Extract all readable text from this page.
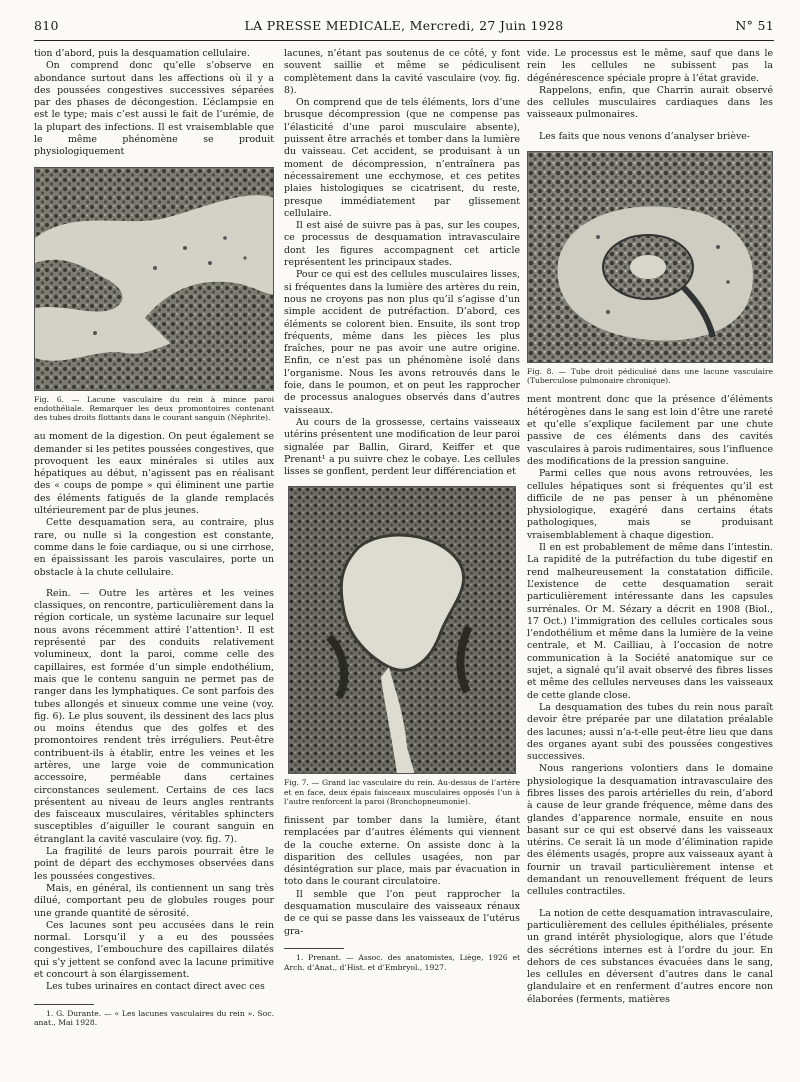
810	LA PRESSE MEDICALE, Mercredi, 27 Juin 1928	N° 51

tion d’abord, puis la desquamation cellulaire.

On comprend donc qu’elle s’observe en abondance surtout dans les affections où il y a des poussées congestives successives séparées par des phases de décongestion. L’éclampsie en est le type; mais c’est aussi le fait de l’urémie, de la plupart des infections. Il est vraisemblable que le même phénomène se produit physiologiquement

Fig. 6. — Lacune vasculaire du rein à mince paroi endothéliale. Remarquer les deux promontoires contenant des tubes droits flottants dans le courant sanguin (Néphrite).

au moment de la digestion. On peut également se demander si les petites poussées congestives, que provoquent les eaux minérales si utiles aux hépatiques au début, n’agissent pas en réalisant des « coups de pompe » qui éliminent une partie des éléments fatigués de la glande remplacés ultérieurement par de plus jeunes.

Cette desquamation sera, au contraire, plus rare, ou nulle si la congestion est constante, comme dans le foie cardiaque, ou si une cirrhose, en épaississant les parois vasculaires, porte un obstacle à la chute cellulaire.

Rein. — Outre les artères et les veines classiques, on rencontre, particulièrement dans la région corticale, un système lacunaire sur lequel nous avons récemment attiré l’attention¹. Il est représenté par des conduits relativement volumineux, dont la paroi, comme celle des capillaires, est formée d’un simple endothélium, mais que le contenu sanguin ne permet pas de ranger dans les lymphatiques. Ce sont parfois des tubes allongés et sinueux comme une veine (voy. fig. 6). Le plus souvent, ils dessinent des lacs plus ou moins étendus que des golfes et des promontoires rendent très irréguliers. Peut-être contribuent-ils à établir, entre les veines et les artères, une large voie de communication accessoire, perméable dans certaines circonstances seulement. Certains de ces lacs présentent au niveau de leurs angles rentrants des faisceaux musculaires, véritables sphincters susceptibles d’aiguiller le courant sanguin en étranglant la cavité vasculaire (voy. fig. 7).

La fragilité de leurs parois pourrait être le point de départ des ecchymoses observées dans les poussées congestives.

Mais, en général, ils contiennent un sang très dilué, comportant peu de globules rouges pour une grande quantité de sérosité.

Ces lacunes sont peu accusées dans le rein normal. Lorsqu’il y a eu des poussées congestives, l’embouchure des capillaires dilatés qui s’y jettent se confond avec la lacune primitive et concourt à son élargissement.

Les tubes urinaires en contact direct avec ces

1. G. Durante. — « Les lacunes vasculaires du rein ». Soc. anat., Mai 1928.

lacunes, n’étant pas soutenus de ce côté, y font souvent saillie et même se pédiculisent complètement dans la cavité vasculaire (voy. fig. 8).

On comprend que de tels éléments, lors d’une brusque décompression (que ne compense pas l’élasticité d’une paroi musculaire absente), puissent être arrachés et tomber dans la lumière du vaisseau. Cet accident, se produisant à un moment de décompression, n’entraînera pas nécessairement une ecchymose, et ces petites plaies histologiques se cicatrisent, du reste, presque immédiatement par glissement cellulaire.

Il est aisé de suivre pas à pas, sur les coupes, ce processus de desquamation intravasculaire dont les figures accompagnent cet article représentent les principaux stades.

Pour ce qui est des cellules musculaires lisses, si fréquentes dans la lumière des artères du rein, nous ne croyons pas non plus qu’il s’agisse d’un simple accident de putréfaction. D’abord, ces éléments se colorent bien. Ensuite, ils sont trop fréquents, même dans les pièces les plus fraîches, pour ne pas avoir une autre origine. Enfin, ce n’est pas un phénomène isolé dans l’organisme. Nous les avons retrouvés dans le foie, dans le poumon, et on peut les rapprocher de processus analogues observés dans d’autres vaisseaux.

Au cours de la grossesse, certains vaisseaux utérins présentent une modification de leur paroi signalée par Ballin, Girard, Keiffer et que Prenant¹ a pu suivre chez le cobaye. Les cellules lisses se gonflent, perdent leur différenciation et

Fig. 7. — Grand lac vasculaire du rein. Au-dessus de l’artère et en face, deux épais faisceaux musculaires opposés l’un à l’autre renforcent la paroi (Bronchopneumonie).

finissent par tomber dans la lumière, étant remplacées par d’autres éléments qui viennent de la couche externe. On assiste donc à la disparition des cellules usagées, non par désintégration sur place, mais par évacuation in toto dans le courant circulatoire.

Il semble que l’on peut rapprocher la desquamation musculaire des vaisseaux rénaux de ce qui se passe dans les vaisseaux de l’utérus gra-

1. Prenant. — Assoc. des anatomistes, Liège, 1926 et Arch. d’Anat., d’Hist. et d’Embryol., 1927.

vide. Le processus est le même, sauf que dans le rein les cellules ne subissent pas la dégénérescence spéciale propre à l’état gravide.

Rappelons, enfin, que Charrin aurait observé des cellules musculaires cardiaques dans les vaisseaux pulmonaires.

Les faits que nous venons d’analyser briève-

Fig. 8. — Tube droit pédiculisé dans une lacune vasculaire (Tuberculose pulmonaire chronique).

ment montrent donc que la présence d’éléments hétérogènes dans le sang est loin d’être une rareté et qu’elle s’explique facilement par une chute passive de ces éléments dans des cavités vasculaires à parois rudimentaires, sous l’influence des modifications de la pression sanguine.

Parmi celles que nous avons retrouvées, les cellules hépatiques sont si fréquentes qu’il est difficile de ne pas penser à un phénomène physiologique, exagéré dans certains états pathologiques, mais se produisant vraisemblablement à chaque digestion.

Il en est probablement de même dans l’intestin. La rapidité de la putréfaction du tube digestif en rend malheureusement la constatation difficile. L’existence de cette desquamation serait particulièrement intéressante dans les capsules surrénales. Or M. Sézary a décrit en 1908 (Biol., 17 Oct.) l’immigration des cellules corticales sous l’endothélium et même dans la lumière de la veine centrale, et M. Cailliau, à l’occasion de notre communication à la Société anatomique sur ce sujet, a signalé qu’il avait observé des fibres lisses et même des cellules nerveuses dans les vaisseaux de cette glande close.

La desquamation des tubes du rein nous paraît devoir être préparée par une dilatation préalable des lacunes; aussi n’a-t-elle peut-être lieu que dans des organes ayant subi des poussées congestives successives.

Nous rangerions volontiers dans le domaine physiologique la desquamation intravasculaire des fibres lisses des parois artérielles du rein, d’abord à cause de leur grande fréquence, même dans des glandes d’apparence normale, ensuite en nous basant sur ce qui est observé dans les vaisseaux utérins. Ce serait là un mode d’élimination rapide des éléments usagés, propre aux vaisseaux ayant à fournir un travail particulièrement intense et demandant un renouvellement fréquent de leurs cellules contractiles.

La notion de cette desquamation intravasculaire, particulièrement des cellules épithéliales, présente un grand intérêt physiologique, alors que l’étude des sécrétions internes est à l’ordre du jour. En dehors de ces substances évacuées dans le sang, les cellules en déversent d’autres dans le canal glandulaire et en renferment d’autres encore non élaborées (ferments, matières
